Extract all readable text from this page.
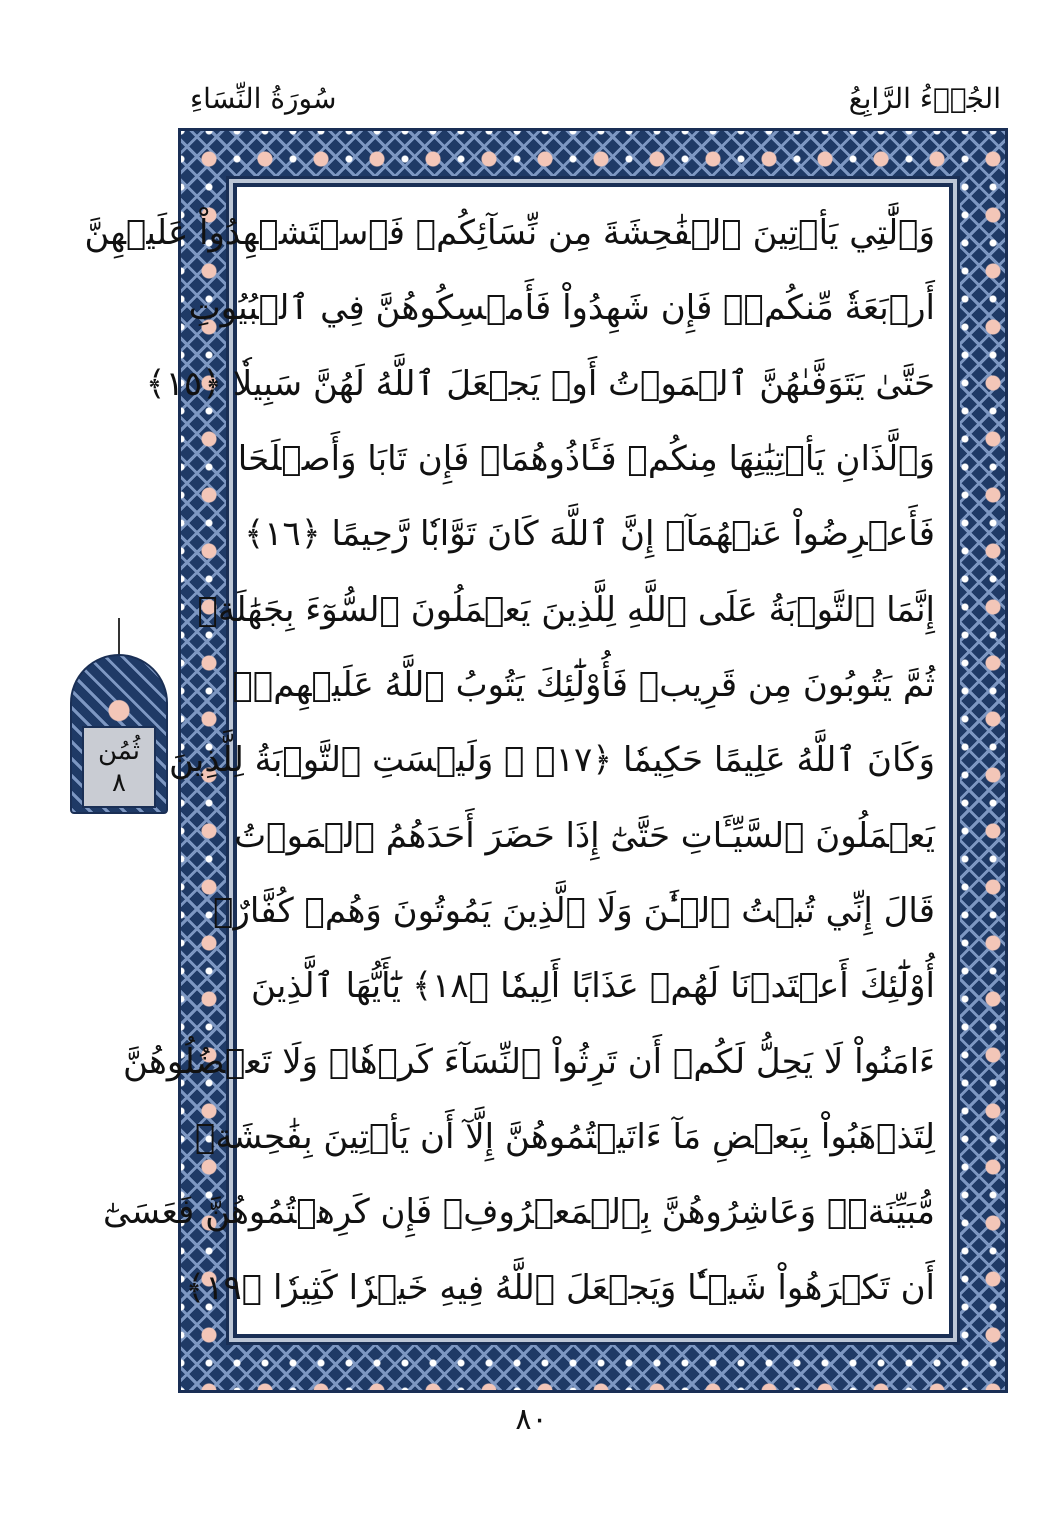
الجُزۡءُ الرَّابِعُ
سُورَةُ النِّسَاءِ
ثُمُن
٨
وَٱلَّٰتِي يَأۡتِينَ ٱلۡفَٰحِشَةَ مِن نِّسَآئِكُمۡ فَٱسۡتَشۡهِدُواْ عَلَيۡهِنَّ
أَرۡبَعَةٗ مِّنكُمۡۖ فَإِن شَهِدُواْ فَأَمۡسِكُوهُنَّ فِي ٱلۡبُيُوتِ
حَتَّىٰ يَتَوَفَّىٰهُنَّ ٱلۡمَوۡتُ أَوۡ يَجۡعَلَ ٱللَّهُ لَهُنَّ سَبِيلٗا ﴿١٥﴾
وَٱلَّذَانِ يَأۡتِيَٰنِهَا مِنكُمۡ فَـَٔاذُوهُمَاۖ فَإِن تَابَا وَأَصۡلَحَا
فَأَعۡرِضُواْ عَنۡهُمَآۗ إِنَّ ٱللَّهَ كَانَ تَوَّابٗا رَّحِيمًا ﴿١٦﴾
إِنَّمَا ٱلتَّوۡبَةُ عَلَى ٱللَّهِ لِلَّذِينَ يَعۡمَلُونَ ٱلسُّوٓءَ بِجَهَٰلَةٖ
ثُمَّ يَتُوبُونَ مِن قَرِيبٖ فَأُوْلَٰٓئِكَ يَتُوبُ ٱللَّهُ عَلَيۡهِمۡۗ
وَكَانَ ٱللَّهُ عَلِيمًا حَكِيمٗا ﴿١٧﴾ ۞ وَلَيۡسَتِ ٱلتَّوۡبَةُ لِلَّذِينَ
يَعۡمَلُونَ ٱلسَّيِّـَٔاتِ حَتَّىٰٓ إِذَا حَضَرَ أَحَدَهُمُ ٱلۡمَوۡتُ
قَالَ إِنِّي تُبۡتُ ٱلۡـَٰٔنَ وَلَا ٱلَّذِينَ يَمُوتُونَ وَهُمۡ كُفَّارٌۚ
أُوْلَٰٓئِكَ أَعۡتَدۡنَا لَهُمۡ عَذَابًا أَلِيمٗا ﴿١٨﴾ يَٰٓأَيُّهَا ٱلَّذِينَ
ءَامَنُواْ لَا يَحِلُّ لَكُمۡ أَن تَرِثُواْ ٱلنِّسَآءَ كَرۡهٗاۖ وَلَا تَعۡضُلُوهُنَّ
لِتَذۡهَبُواْ بِبَعۡضِ مَآ ءَاتَيۡتُمُوهُنَّ إِلَّآ أَن يَأۡتِينَ بِفَٰحِشَةٖ
مُّبَيِّنَةٖۚ وَعَاشِرُوهُنَّ بِٱلۡمَعۡرُوفِۚ فَإِن كَرِهۡتُمُوهُنَّ فَعَسَىٰٓ
أَن تَكۡرَهُواْ شَيۡـٔٗا وَيَجۡعَلَ ٱللَّهُ فِيهِ خَيۡرٗا كَثِيرٗا ﴿١٩﴾
٨٠
